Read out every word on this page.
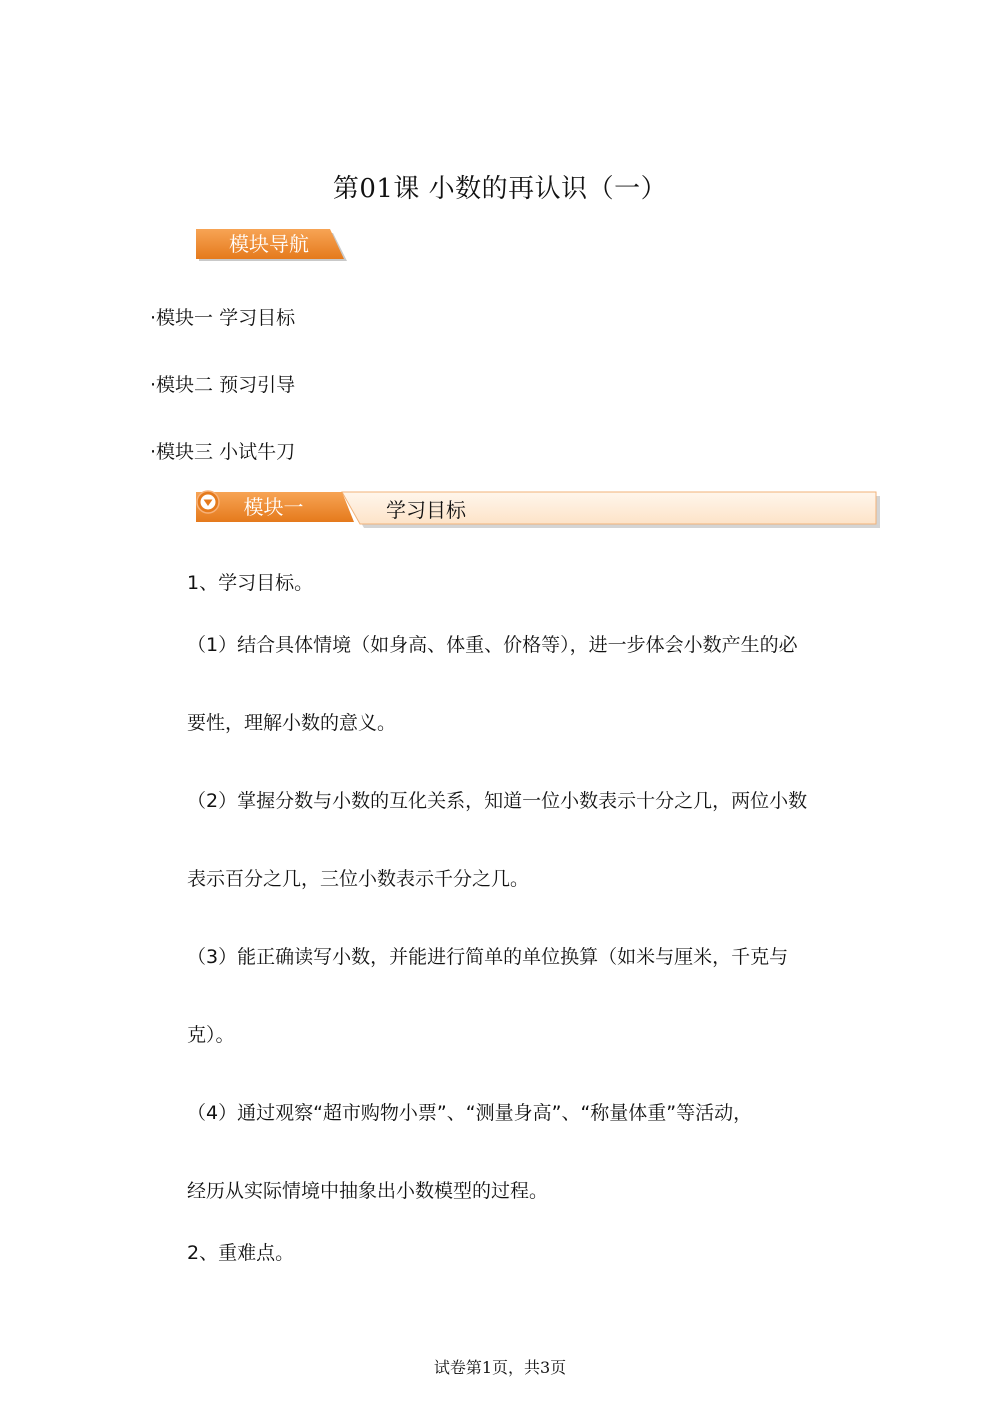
第01课 小数的再认识（一）
模块导航
·模块一 学习目标
·模块二 预习引导
·模块三 小试牛刀
模块一	学习目标

1、学习目标。

（1）结合具体情境（如身高、体重、价格等），进一步体会小数产生的必

要性，理解小数的意义。

（2）掌握分数与小数的互化关系，知道一位小数表示十分之几，两位小数

表示百分之几，三位小数表示千分之几。

（3）能正确读写小数，并能进行简单的单位换算（如米与厘米，千克与

克）。

（4）通过观察“超市购物小票”、“测量身高”、“称量体重”等活动，

经历从实际情境中抽象出小数模型的过程。

2、重难点。

试卷第1页，共3页
